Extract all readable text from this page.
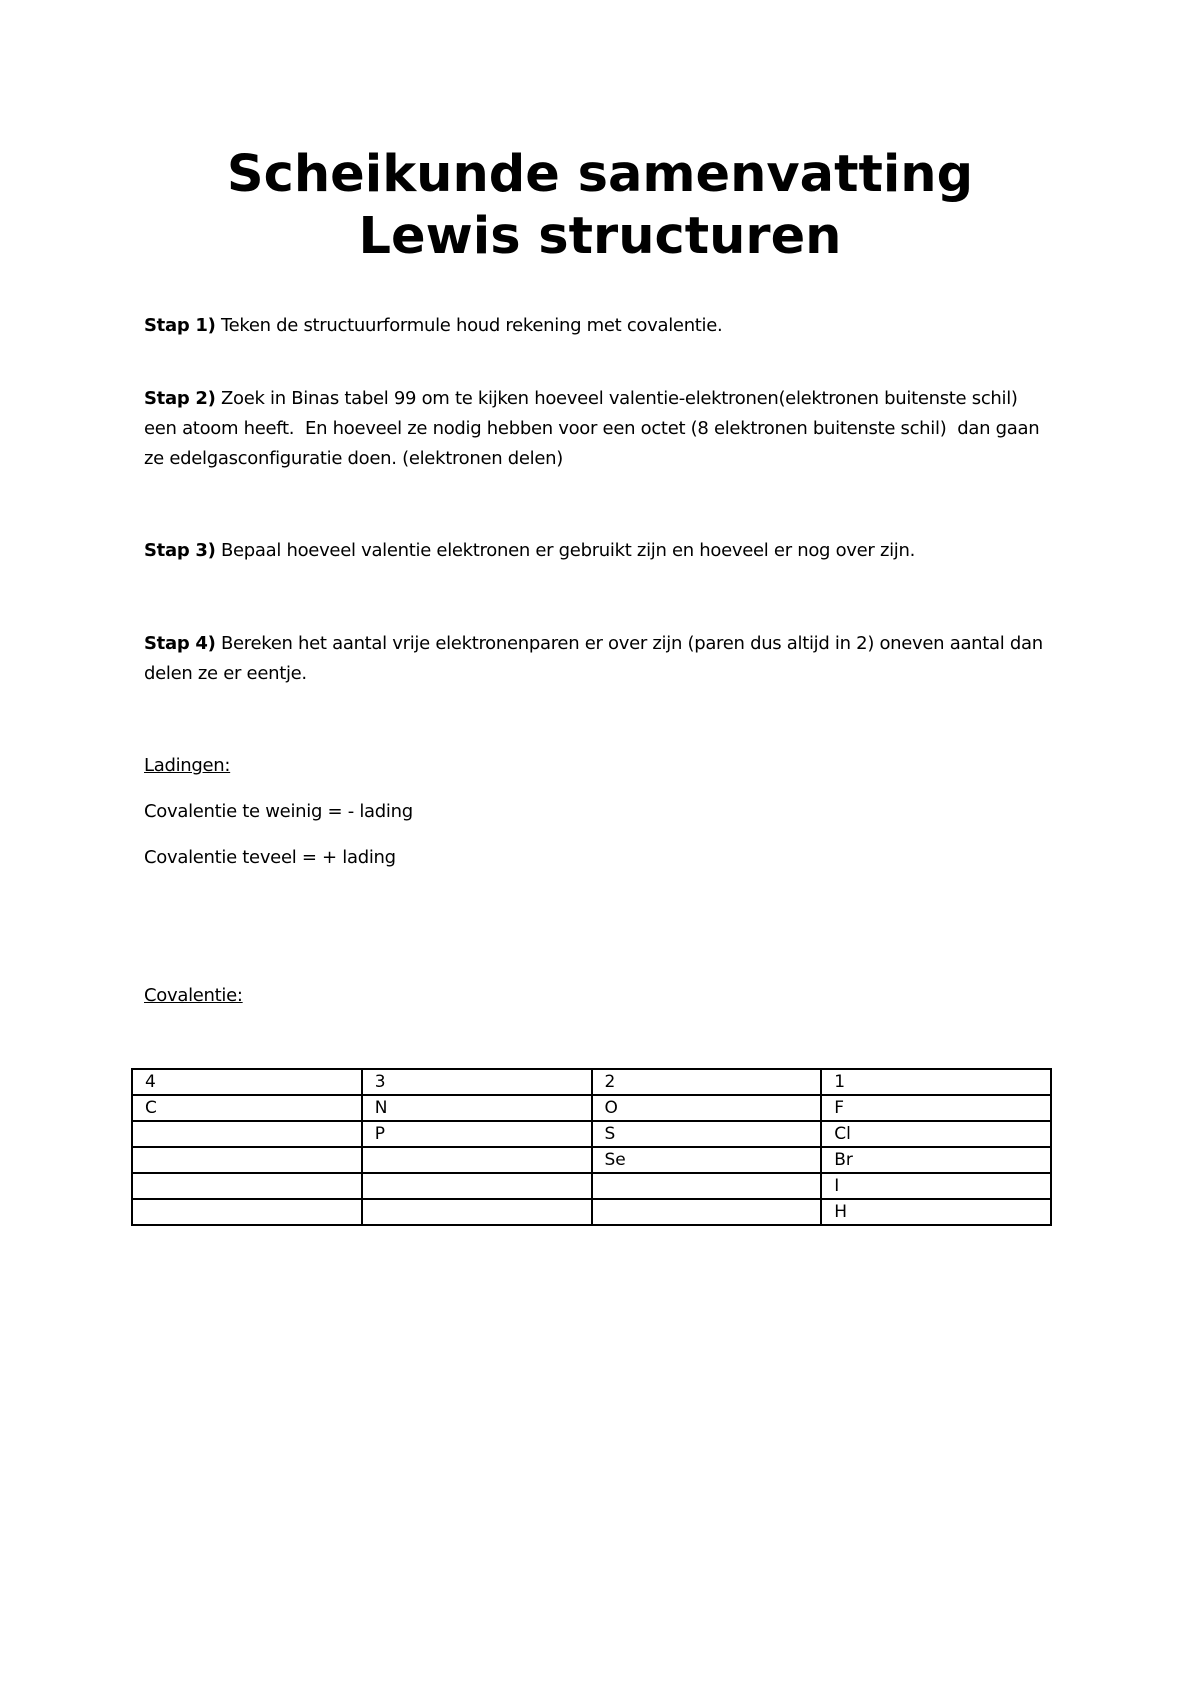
Scheikunde samenvatting
Lewis structuren
Stap 1) Teken de structuurformule houd rekening met covalentie.
Stap 2) Zoek in Binas tabel 99 om te kijken hoeveel valentie-elektronen(elektronen buitenste schil)
een atoom heeft.  En hoeveel ze nodig hebben voor een octet (8 elektronen buitenste schil)  dan gaan
ze edelgasconfiguratie doen. (elektronen delen)
Stap 3) Bepaal hoeveel valentie elektronen er gebruikt zijn en hoeveel er nog over zijn.
Stap 4) Bereken het aantal vrije elektronenparen er over zijn (paren dus altijd in 2) oneven aantal dan
delen ze er eentje.
Ladingen:
Covalentie te weinig = - lading
Covalentie teveel = + lading
Covalentie:
4	3	2	1
C	N	O	F
	P	S	Cl
		Se	Br
			I
			H
